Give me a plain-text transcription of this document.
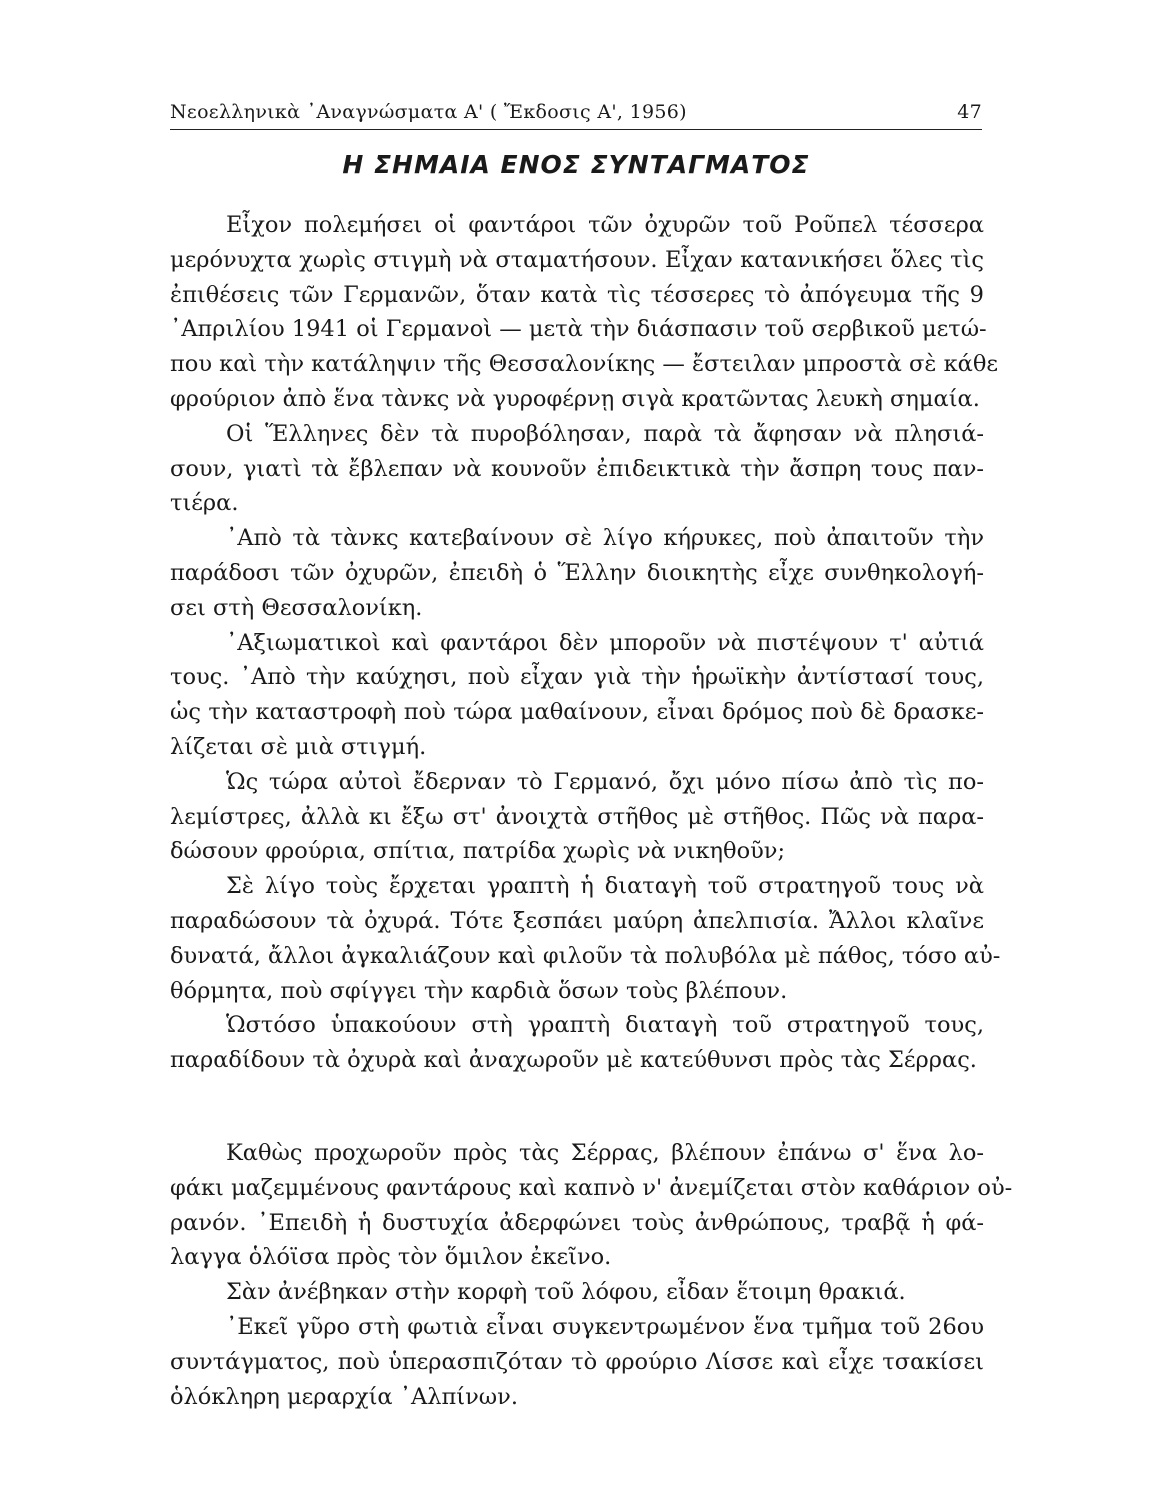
Νεοελληνικὰ ᾿Αναγνώσματα Α' ( Ἔκδοσις Α', 1956)	47
Η ΣΗΜΑΙΑ ΕΝΟΣ ΣΥΝΤΑΓΜΑΤΟΣ
Εἶχον πολεμήσει οἱ φαντάροι τῶν ὀχυρῶν τοῦ Ροῦπελ τέσσερα
μερόνυχτα χωρὶς στιγμὴ νὰ σταματήσουν. Εἶχαν κατανικήσει ὅλες τὶς
ἐπιθέσεις τῶν Γερμανῶν, ὅταν κατὰ τὶς τέσσερες τὸ ἀπόγευμα τῆς 9
᾿Απριλίου 1941 οἱ Γερμανοὶ — μετὰ τὴν διάσπασιν τοῦ σερβικοῦ μετώ-
που καὶ τὴν κατάληψιν τῆς Θεσσαλονίκης — ἔστειλαν μπροστὰ σὲ κάθε
φρούριον ἀπὸ ἕνα τὰνκς νὰ γυροφέρνῃ σιγὰ κρατῶντας λευκὴ σημαία.
Οἱ Ἕλληνες δὲν τὰ πυροβόλησαν, παρὰ τὰ ἄφησαν νὰ πλησιά-
σουν, γιατὶ τὰ ἔβλεπαν νὰ κουνοῦν ἐπιδεικτικὰ τὴν ἄσπρη τους παν-
τιέρα.
᾿Απὸ τὰ τὰνκς κατεβαίνουν σὲ λίγο κήρυκες, ποὺ ἀπαιτοῦν τὴν
παράδοσι τῶν ὀχυρῶν, ἐπειδὴ ὁ Ἕλλην διοικητὴς εἶχε συνθηκολογή-
σει στὴ Θεσσαλονίκη.
᾿Αξιωματικοὶ καὶ φαντάροι δὲν μποροῦν νὰ πιστέψουν τ' αὐτιά
τους. ᾿Απὸ τὴν καύχησι, ποὺ εἶχαν γιὰ τὴν ἡρωϊκὴν ἀντίστασί τους,
ὡς τὴν καταστροφὴ ποὺ τώρα μαθαίνουν, εἶναι δρόμος ποὺ δὲ δρασκε-
λίζεται σὲ μιὰ στιγμή.
Ὡς τώρα αὐτοὶ ἔδερναν τὸ Γερμανό, ὄχι μόνο πίσω ἀπὸ τὶς πο-
λεμίστρες, ἀλλὰ κι ἔξω στ' ἀνοιχτὰ στῆθος μὲ στῆθος. Πῶς νὰ παρα-
δώσουν φρούρια, σπίτια, πατρίδα χωρὶς νὰ νικηθοῦν;
Σὲ λίγο τοὺς ἔρχεται γραπτὴ ἡ διαταγὴ τοῦ στρατηγοῦ τους νὰ
παραδώσουν τὰ ὀχυρά. Τότε ξεσπάει μαύρη ἀπελπισία. Ἄλλοι κλαῖνε
δυνατά, ἄλλοι ἀγκαλιάζουν καὶ φιλοῦν τὰ πολυβόλα μὲ πάθος, τόσο αὐ-
θόρμητα, ποὺ σφίγγει τὴν καρδιὰ ὅσων τοὺς βλέπουν.
Ὡστόσο ὑπακούουν στὴ γραπτὴ διαταγὴ τοῦ στρατηγοῦ τους,
παραδίδουν τὰ ὀχυρὰ καὶ ἀναχωροῦν μὲ κατεύθυνσι πρὸς τὰς Σέρρας.
Καθὼς προχωροῦν πρὸς τὰς Σέρρας, βλέπουν ἐπάνω σ' ἕνα λο-
φάκι μαζεμμένους φαντάρους καὶ καπνὸ ν' ἀνεμίζεται στὸν καθάριον οὐ-
ρανόν. ᾿Επειδὴ ἡ δυστυχία ἀδερφώνει τοὺς ἀνθρώπους, τραβᾷ ἡ φά-
λαγγα ὁλόϊσα πρὸς τὸν ὅμιλον ἐκεῖνο.
Σὰν ἀνέβηκαν στὴν κορφὴ τοῦ λόφου, εἶδαν ἕτοιμη θρακιά.
᾿Εκεῖ γῦρο στὴ φωτιὰ εἶναι συγκεντρωμένον ἕνα τμῆμα τοῦ 26ου
συντάγματος, ποὺ ὑπερασπιζόταν τὸ φρούριο Λίσσε καὶ εἶχε τσακίσει
ὁλόκληρη μεραρχία ᾿Αλπίνων.
